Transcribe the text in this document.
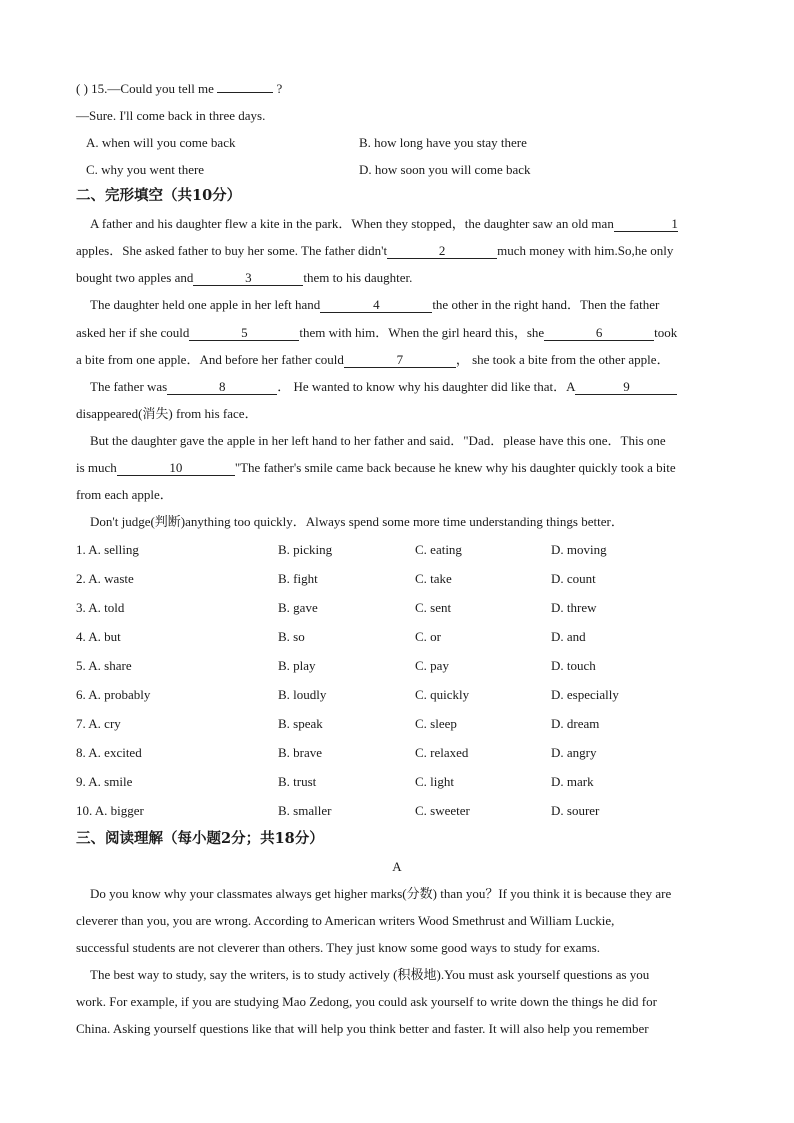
( ) 15.—Could you tell me	?
—Sure. I'll come back in three days.
A. when will you come back	B. how long have you stay there
C. why you went there	D. how soon you will come back
二、完形填空（共10分）
A father and his daughter flew a kite in the park．When they stopped，the daughter saw an old man	1
apples．She asked father to buy her some. The father didn't	2	much money with him.So,he only
bought two apples and	3	them to his daughter.
The daughter held one apple in her left hand	4	the other in the right hand．Then the father
asked her if she could	5	them with him．When the girl heard this，she	6	took
a bite from one apple．And before her father could	7	， she took a bite from the other apple．
The father was	8	． He wanted to know why his daughter did like that．A	9
disappeared(消失) from his face．
But the daughter gave the apple in her left hand to her father and said．"Dad．please have this one．This one
is much	10	"The father's smile came back because he knew why his daughter quickly took a bite
from each apple．
Don't judge(判断)anything too quickly．Always spend some more time understanding things better．
1. A. selling	B. picking	C. eating	D. moving
2. A. waste	B. fight	C. take	D. count
3. A. told	B. gave	C. sent	D. threw
4. A. but	B. so	C. or	D. and
5. A. share	B. play	C. pay	D. touch
6. A. probably	B. loudly	C. quickly	D. especially
7. A. cry	B. speak	C. sleep	D. dream
8. A. excited	B. brave	C. relaxed	D. angry
9. A. smile	B. trust	C. light	D. mark
10. A. bigger	B. smaller	C. sweeter	D. sourer
三、阅读理解（每小题2分；共18分）
A
Do you know why your classmates always get higher marks(分数) than you？If you think it is because they are
cleverer than you, you are wrong. According to American writers Wood Smethrust and William Luckie,
successful students are not cleverer than others. They just know some good ways to study for exams.
The best way to study, say the writers, is to study actively (积极地).You must ask yourself questions as you
work. For example, if you are studying Mao Zedong, you could ask yourself to write down the things he did for
China. Asking yourself questions like that will help you think better and faster. It will also help you remember
